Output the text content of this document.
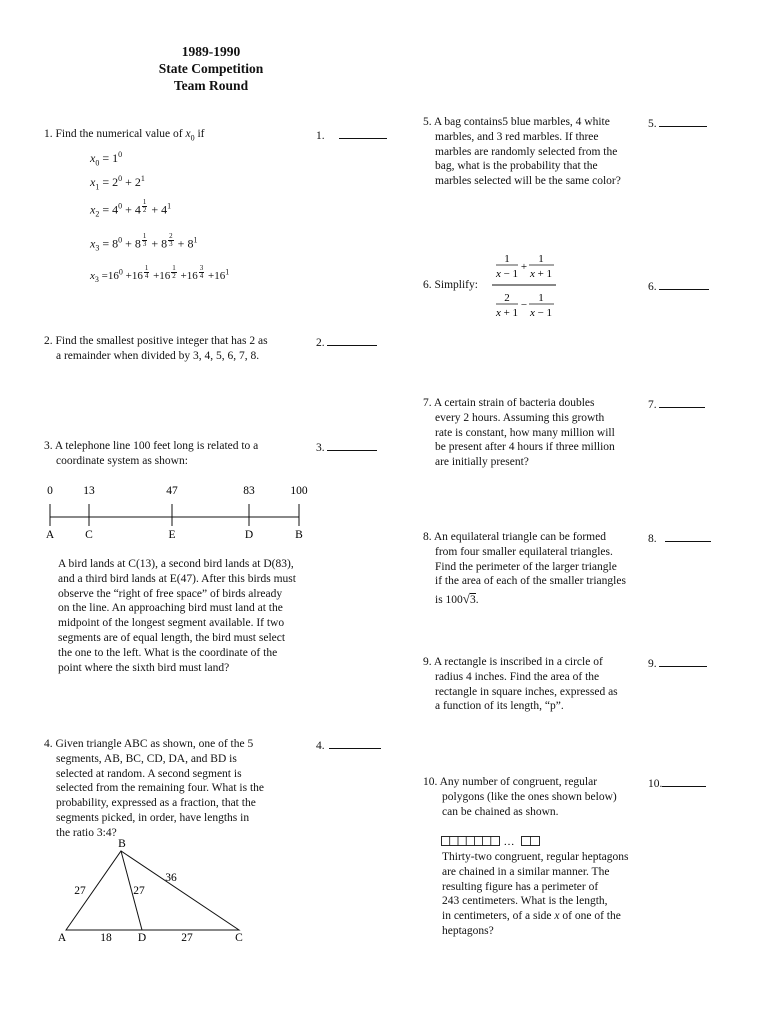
1989-1990
State Competition
Team Round
1. Find the numerical value of $x_0$ if	1.
$x_0 = 1^0$
$x_1 = 2^0 + 2^1$
$x_2 = 4^0 + 4$ $^{\frac{1}{2}} + 4^1$
$x_3 = 8^0 + 8$ $^{\frac{1}{3}}$ + 8 $^{\frac{2}{3}} + 8^1$
$x_3 =16^0 +16$ $^{\frac{1}{4}}$ +16 $^{\frac{1}{2}}$ +16 $^{\frac{3}{4}} +16^1$
2. Find the smallest positive integer that has 2 as
a remainder when divided by 3, 4, 5, 6, 7, 8.
2.
3. A telephone line 100 feet long is related to a
coordinate system as shown:
3.
0	13	47	83	100
A	C	E	D	B
A bird lands at C(13), a second bird lands at D(83),
and a third bird lands at E(47). After this birds must
observe the “right of free space” of birds already
on the line. An approaching bird must land at the
midpoint of the longest segment available. If two
segments are of equal length, the bird must select
the one to the left. What is the coordinate of the
point where the sixth bird must land?
4. Given triangle ABC as shown, one of the 5
segments, AB, BC, CD, DA, and BD is
selected at random. A second segment is
selected from the remaining four. What is the
probability, expressed as a fraction, that the
segments picked, in order, have lengths in
the ratio 3:4?
4.
A
B
C
D
27	27
36
18	27
5. A bag contains5 blue marbles, 4 white
marbles, and 3 red marbles. If three
marbles are randomly selected from the
bag, what is the probability that the
marbles selected will be the same color?
5.
6. Simplify:
1
x − 1
+
1
x + 1
2
x + 1
−
1
x − 1
6.
7. A certain strain of bacteria doubles
every 2 hours. Assuming this growth
rate is constant, how many million will
be present after 4 hours if three million
are initially present?
7.
8. An equilateral triangle can be formed
from four smaller equilateral triangles.
Find the perimeter of the larger triangle
if the area of each of the smaller triangles
is 100√3.
8.
9. A rectangle is inscribed in a circle of
radius 4 inches. Find the area of the
rectangle in square inches, expressed as
a function of its length, “p”.
9.
10. Any number of congruent, regular
polygons (like the ones shown below)
can be chained as shown.
10.
…
Thirty-two congruent, regular heptagons
are chained in a similar manner. The
resulting figure has a perimeter of
243 centimeters. What is the length,
in centimeters, of a side x of one of the
heptagons?
